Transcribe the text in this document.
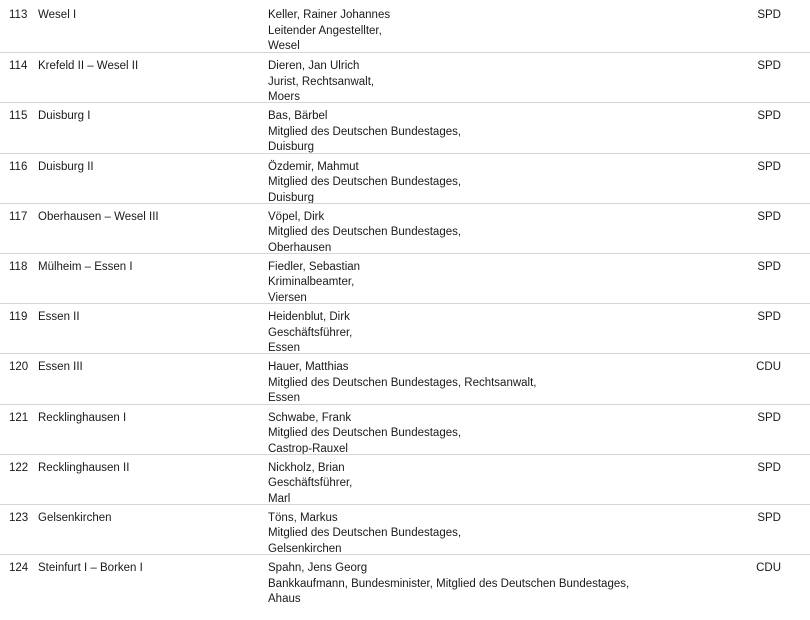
113 Wesel I	Keller, Rainer Johannes
Leitender Angestellter,
Wesel
SPD
114 Krefeld II – Wesel II	Dieren, Jan Ulrich
Jurist, Rechtsanwalt,
Moers
SPD
115 Duisburg I	Bas, Bärbel
Mitglied des Deutschen Bundestages,
Duisburg
SPD
116 Duisburg II	Özdemir, Mahmut
Mitglied des Deutschen Bundestages,
Duisburg
SPD
117 Oberhausen – Wesel III	Vöpel, Dirk
Mitglied des Deutschen Bundestages,
Oberhausen
SPD
118 Mülheim – Essen I	Fiedler, Sebastian
Kriminalbeamter,
Viersen
SPD
119 Essen II	Heidenblut, Dirk
Geschäftsführer,
Essen
SPD
120 Essen III	Hauer, Matthias
Mitglied des Deutschen Bundestages, Rechtsanwalt,
Essen
CDU
121 Recklinghausen I	Schwabe, Frank
Mitglied des Deutschen Bundestages,
Castrop-Rauxel
SPD
122 Recklinghausen II	Nickholz, Brian
Geschäftsführer,
Marl
SPD
123 Gelsenkirchen	Töns, Markus
Mitglied des Deutschen Bundestages,
Gelsenkirchen
SPD
124 Steinfurt I – Borken I	Spahn, Jens Georg
Bankkaufmann, Bundesminister, Mitglied des Deutschen Bundestages,
Ahaus
CDU
